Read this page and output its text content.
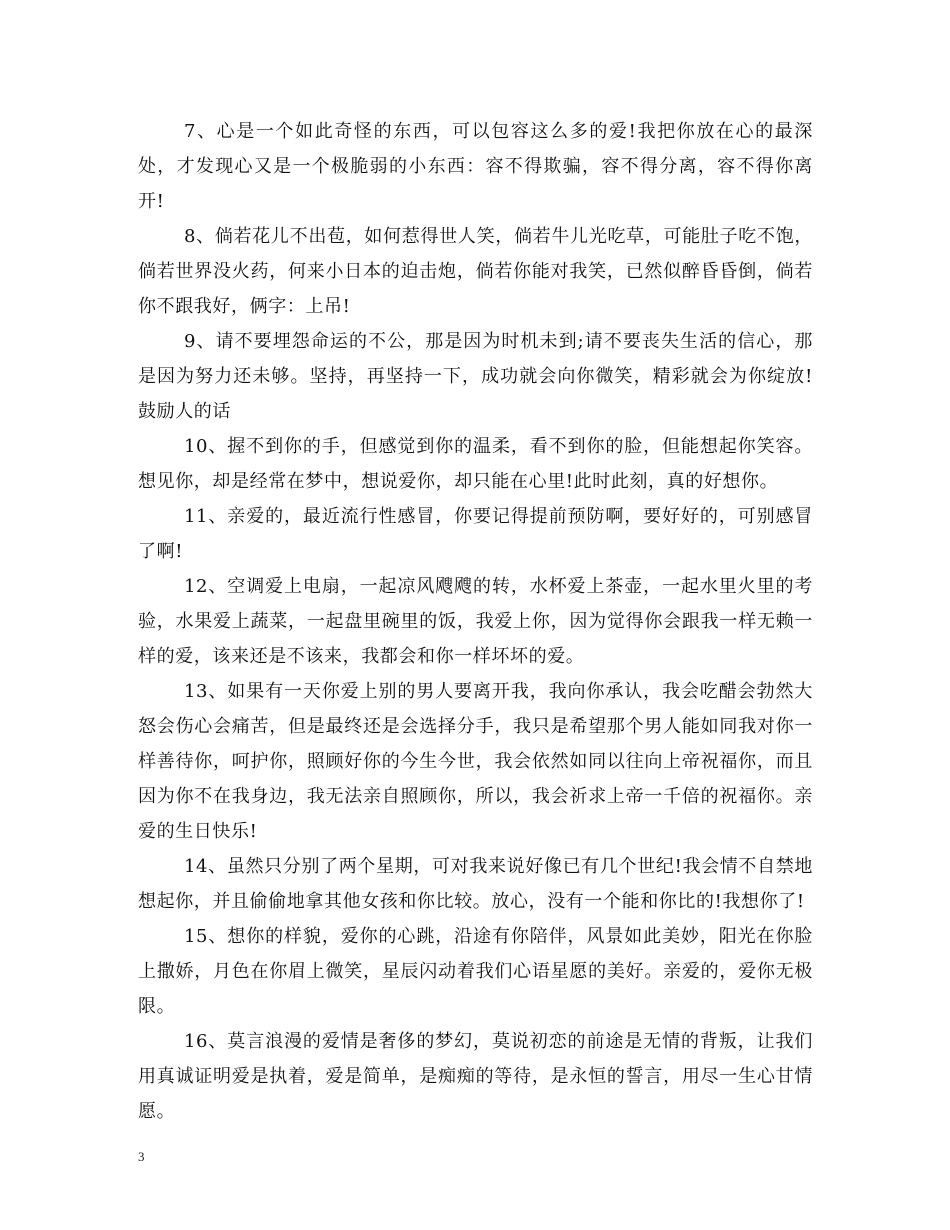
7、心是一个如此奇怪的东西，可以包容这么多的爱!我把你放在心的最深处，才发现心又是一个极脆弱的小东西：容不得欺骗，容不得分离，容不得你离开!

8、倘若花儿不出苞，如何惹得世人笑，倘若牛儿光吃草，可能肚子吃不饱，倘若世界没火药，何来小日本的迫击炮，倘若你能对我笑，已然似醉昏昏倒，倘若你不跟我好，俩字：上吊!

9、请不要埋怨命运的不公，那是因为时机未到;请不要丧失生活的信心，那是因为努力还未够。坚持，再坚持一下，成功就会向你微笑，精彩就会为你绽放!鼓励人的话

10、握不到你的手，但感觉到你的温柔，看不到你的脸，但能想起你笑容。想见你，却是经常在梦中，想说爱你，却只能在心里!此时此刻，真的好想你。

11、亲爱的，最近流行性感冒，你要记得提前预防啊，要好好的，可别感冒了啊!

12、空调爱上电扇，一起凉风飕飕的转，水杯爱上茶壶，一起水里火里的考验，水果爱上蔬菜，一起盘里碗里的饭，我爱上你，因为觉得你会跟我一样无赖一样的爱，该来还是不该来，我都会和你一样坏坏的爱。

13、如果有一天你爱上别的男人要离开我，我向你承认，我会吃醋会勃然大怒会伤心会痛苦，但是最终还是会选择分手，我只是希望那个男人能如同我对你一样善待你，呵护你，照顾好你的今生今世，我会依然如同以往向上帝祝福你，而且因为你不在我身边，我无法亲自照顾你，所以，我会祈求上帝一千倍的祝福你。亲爱的生日快乐!

14、虽然只分别了两个星期，可对我来说好像已有几个世纪!我会情不自禁地想起你，并且偷偷地拿其他女孩和你比较。放心，没有一个能和你比的!我想你了!

15、想你的样貌，爱你的心跳，沿途有你陪伴，风景如此美妙，阳光在你脸上撒娇，月色在你眉上微笑，星辰闪动着我们心语星愿的美好。亲爱的，爱你无极限。

16、莫言浪漫的爱情是奢侈的梦幻，莫说初恋的前途是无情的背叛，让我们用真诚证明爱是执着，爱是简单，是痴痴的等待，是永恒的誓言，用尽一生心甘情愿。

3
